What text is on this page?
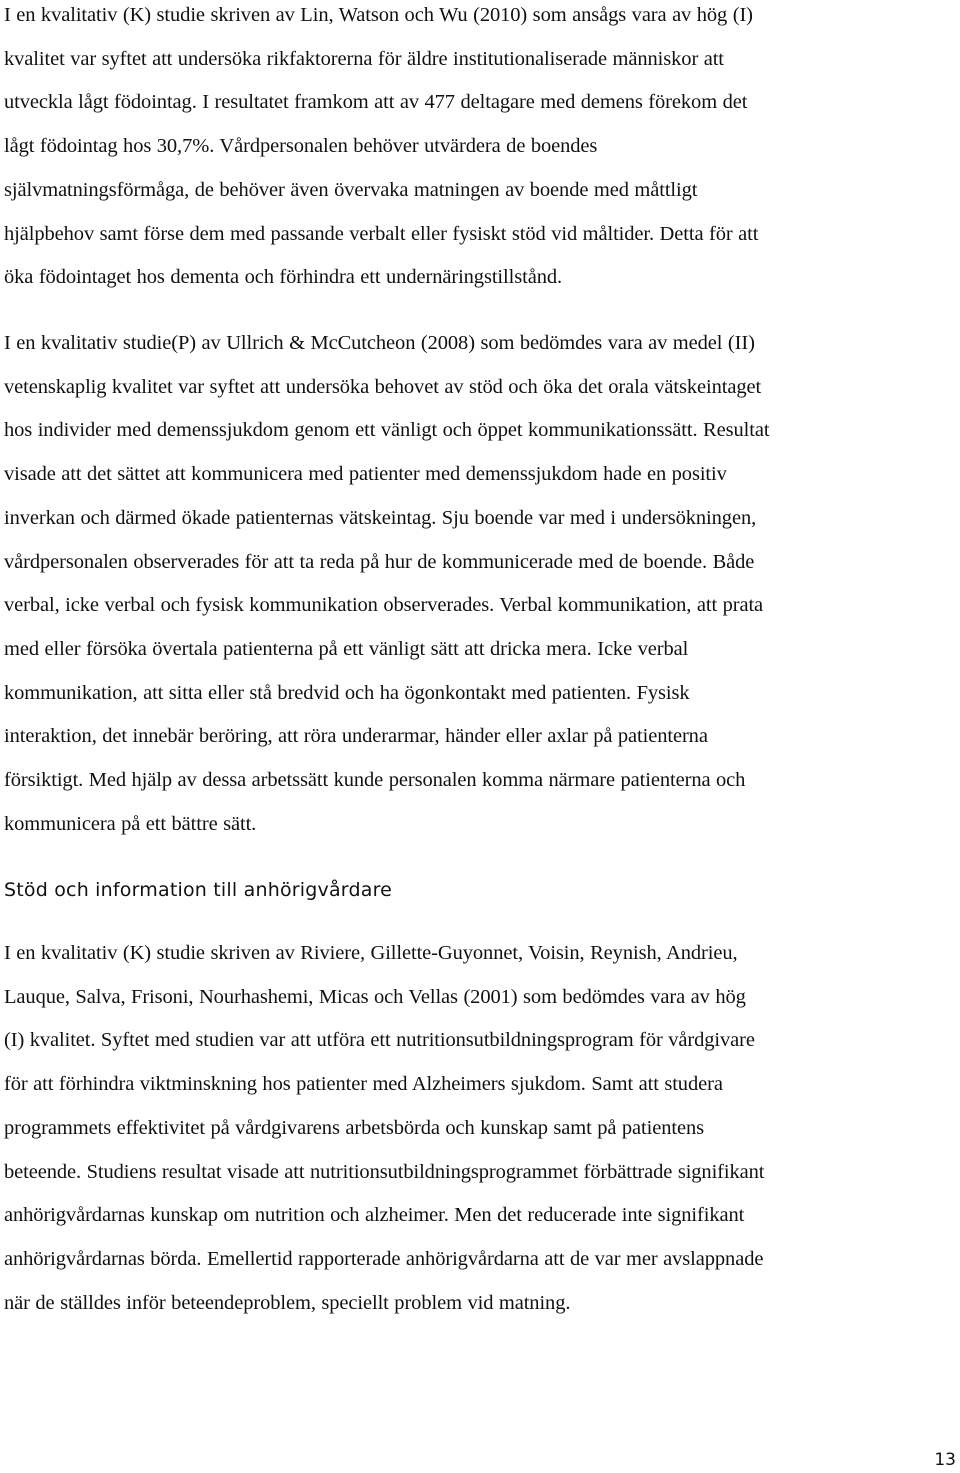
I en kvalitativ (K) studie skriven av Lin, Watson och Wu (2010) som ansågs vara av hög (I)
kvalitet var syftet att undersöka rikfaktorerna för äldre institutionaliserade människor att
utveckla lågt födointag. I resultatet framkom att av 477 deltagare med demens förekom det
lågt födointag hos 30,7%. Vårdpersonalen behöver utvärdera de boendes
självmatningsförmåga, de behöver även övervaka matningen av boende med måttligt
hjälpbehov samt förse dem med passande verbalt eller fysiskt stöd vid måltider. Detta för att
öka födointaget hos dementa och förhindra ett undernäringstillstånd.

I en kvalitativ studie(P) av Ullrich & McCutcheon (2008) som bedömdes vara av medel (II)
vetenskaplig kvalitet var syftet att undersöka behovet av stöd och öka det orala vätskeintaget
hos individer med demenssjukdom genom ett vänligt och öppet kommunikationssätt. Resultat
visade att det sättet att kommunicera med patienter med demenssjukdom hade en positiv
inverkan och därmed ökade patienternas vätskeintag. Sju boende var med i undersökningen,
vårdpersonalen observerades för att ta reda på hur de kommunicerade med de boende. Både
verbal, icke verbal och fysisk kommunikation observerades. Verbal kommunikation, att prata
med eller försöka övertala patienterna på ett vänligt sätt att dricka mera. Icke verbal
kommunikation, att sitta eller stå bredvid och ha ögonkontakt med patienten. Fysisk
interaktion, det innebär beröring, att röra underarmar, händer eller axlar på patienterna
försiktigt. Med hjälp av dessa arbetssätt kunde personalen komma närmare patienterna och
kommunicera på ett bättre sätt.

Stöd och information till anhörigvårdare

I en kvalitativ (K) studie skriven av Riviere, Gillette-Guyonnet, Voisin, Reynish, Andrieu,
Lauque, Salva, Frisoni, Nourhashemi, Micas och Vellas (2001) som bedömdes vara av hög
(I) kvalitet. Syftet med studien var att utföra ett nutritionsutbildningsprogram för vårdgivare
för att förhindra viktminskning hos patienter med Alzheimers sjukdom. Samt att studera
programmets effektivitet på vårdgivarens arbetsbörda och kunskap samt på patientens
beteende. Studiens resultat visade att nutritionsutbildningsprogrammet förbättrade signifikant
anhörigvårdarnas kunskap om nutrition och alzheimer. Men det reducerade inte signifikant
anhörigvårdarnas börda. Emellertid rapporterade anhörigvårdarna att de var mer avslappnade
när de ställdes inför beteendeproblem, speciellt problem vid matning.

13
